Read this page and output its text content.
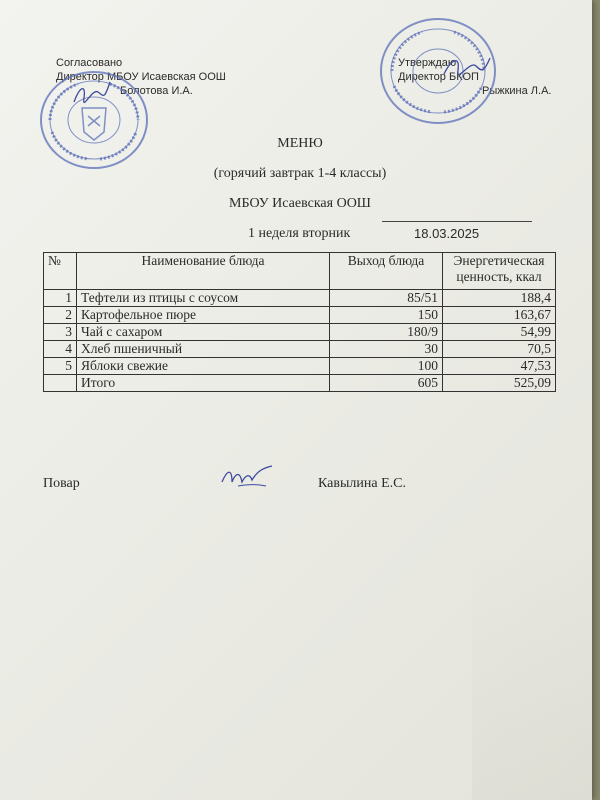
Согласовано
Директор МБОУ Исаевская ООШ
Болотова И.А.
Утверждаю
Директор БКОП
Рыжкина Л.А.
МЕНЮ
(горячий завтрак 1-4 классы)
МБОУ Исаевская ООШ
1 неделя вторник	18.03.2025
№	Наименование блюда	Выход блюда	Энергетическая
ценность, ккал

1	Тефтели из птицы с соусом	85/51	188,4
2	Картофельное пюре	150	163,67
3	Чай с сахаром	180/9	54,99
4	Хлеб пшеничный	30	70,5
5	Яблоки свежие	100	47,53
	Итого	605	525,09
Повар	Кавылина Е.С.
